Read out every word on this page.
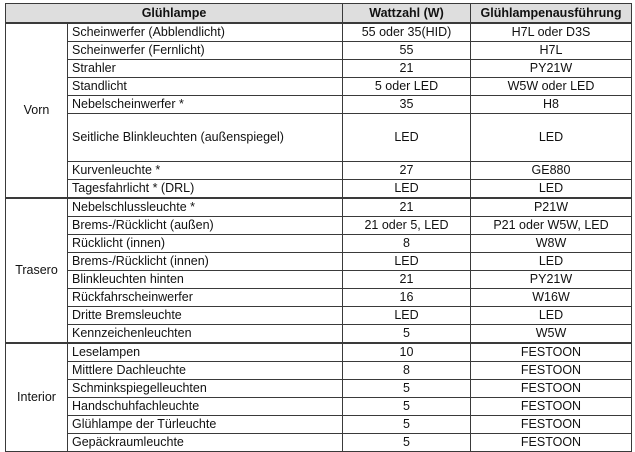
Glühlampe		Wattzahl (W)	Glühlampenausführung
Vorn	Scheinwerfer (Abblendlicht)	55 oder 35(HID)	H7L oder D3S
	Scheinwerfer (Fernlicht)	55	H7L
	Strahler	21	PY21W
	Standlicht	5 oder LED	W5W oder LED
	Nebelscheinwerfer *	35	H8
	Seitliche Blinkleuchten (außenspiegel)	LED	LED
	Kurvenleuchte *	27	GE880
	Tagesfahrlicht * (DRL)	LED	LED
Trasero	Nebelschlussleuchte *	21	P21W
	Brems-/Rücklicht (außen)	21 oder 5, LED	P21 oder W5W, LED
	Rücklicht (innen)	8	W8W
	Brems-/Rücklicht (innen)	LED	LED
	Blinkleuchten hinten	21	PY21W
	Rückfahrscheinwerfer	16	W16W
	Dritte Bremsleuchte	LED	LED
	Kennzeichenleuchten	5	W5W
Interior	Leselampen	10	FESTOON
	Mittlere Dachleuchte	8	FESTOON
	Schminkspiegelleuchten	5	FESTOON
	Handschuhfachleuchte	5	FESTOON
	Glühlampe der Türleuchte	5	FESTOON
	Gepäckraumleuchte	5	FESTOON
